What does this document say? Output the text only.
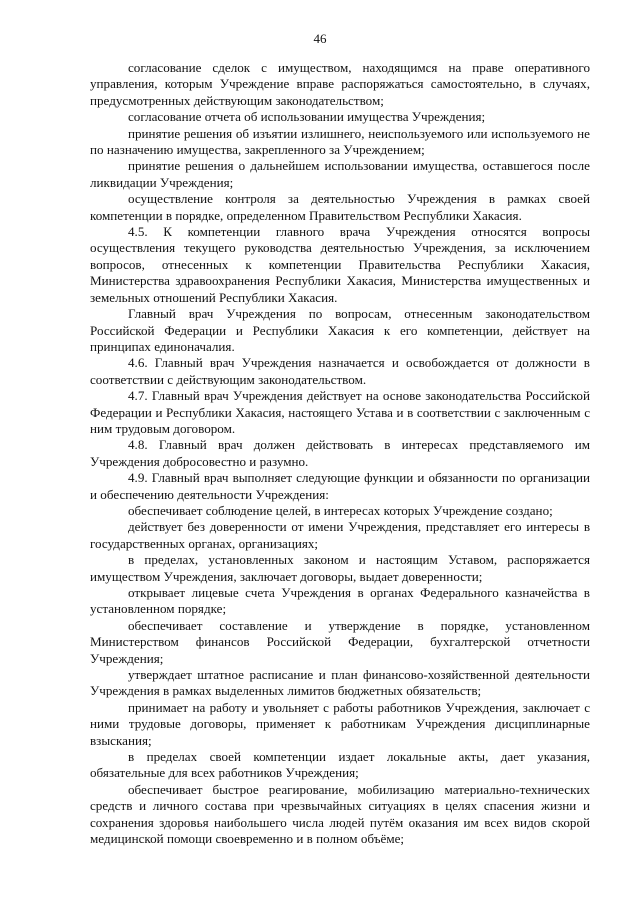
46

согласование сделок с имуществом, находящимся на праве оперативного управления, которым Учреждение вправе распоряжаться самостоятельно, в случаях, предусмотренных действующим законодательством;

согласование отчета об использовании имущества Учреждения;

принятие решения об изъятии излишнего, неиспользуемого или используемого не по назначению имущества, закрепленного за Учреждением;

принятие решения о дальнейшем использовании имущества, оставшегося после ликвидации Учреждения;

осуществление контроля за деятельностью Учреждения в рамках своей компетенции в порядке, определенном Правительством Республики Хакасия.

4.5. К компетенции главного врача Учреждения относятся вопросы осуществления текущего руководства деятельностью Учреждения, за исключением вопросов, отнесенных к компетенции Правительства Республики Хакасия, Министерства здравоохранения Республики Хакасия, Министерства имущественных и земельных отношений Республики Хакасия.

Главный врач Учреждения по вопросам, отнесенным законодательством Российской Федерации и Республики Хакасия к его компетенции, действует на принципах единоначалия.

4.6. Главный врач Учреждения назначается и освобождается от должности в соответствии с действующим законодательством.

4.7. Главный врач Учреждения действует на основе законодательства Российской Федерации и Республики Хакасия, настоящего Устава и в соответствии с заключенным с ним трудовым договором.

4.8. Главный врач должен действовать в интересах представляемого им Учреждения добросовестно и разумно.

4.9. Главный врач выполняет следующие функции и обязанности по организации и обеспечению деятельности Учреждения:

обеспечивает соблюдение целей, в интересах которых Учреждение создано;

действует без доверенности от имени Учреждения, представляет его интересы в государственных органах, организациях;

в пределах, установленных законом и настоящим Уставом, распоряжается имуществом Учреждения, заключает договоры, выдает доверенности;

открывает лицевые счета Учреждения в органах Федерального казначейства в установленном порядке;

обеспечивает составление и утверждение в порядке, установленном Министерством финансов Российской Федерации, бухгалтерской отчетности Учреждения;

утверждает штатное расписание и план финансово-хозяйственной деятельности Учреждения в рамках выделенных лимитов бюджетных обязательств;

принимает на работу и увольняет с работы работников Учреждения, заключает с ними трудовые договоры, применяет к работникам Учреждения дисциплинарные взыскания;

в пределах своей компетенции издает локальные акты, дает указания, обязательные для всех работников Учреждения;

обеспечивает быстрое реагирование, мобилизацию материально-технических средств и личного состава при чрезвычайных ситуациях в целях спасения жизни и сохранения здоровья наибольшего числа людей путём оказания им всех видов скорой медицинской помощи своевременно и в полном объёме;
